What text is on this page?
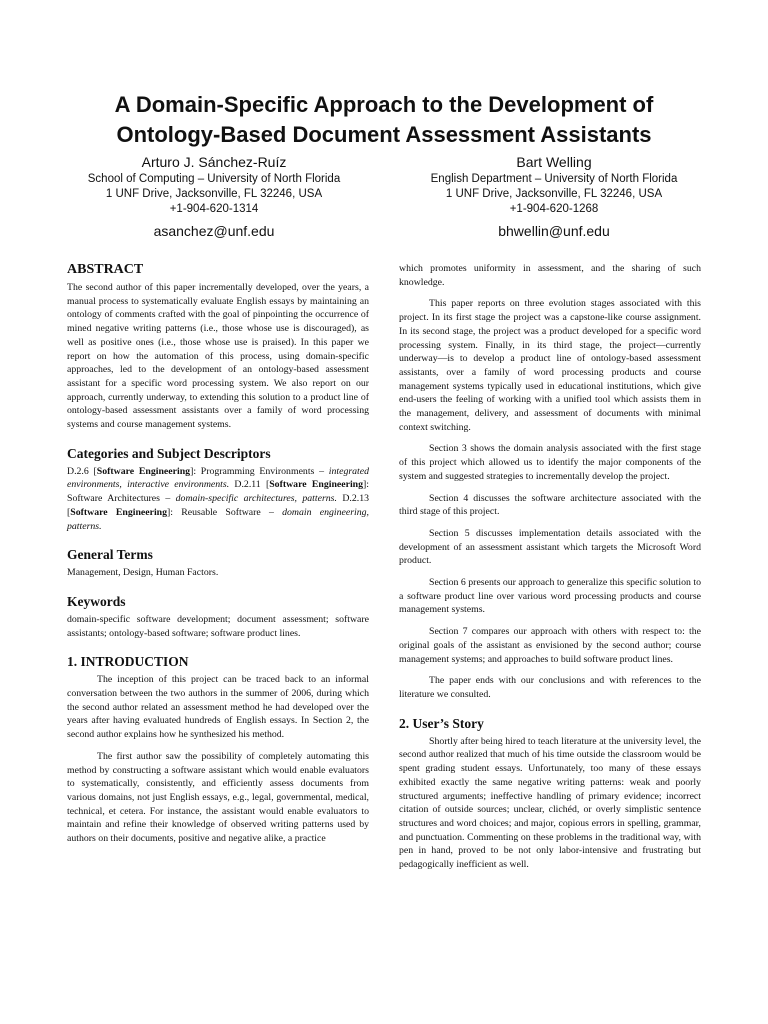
A Domain-Specific Approach to the Development of
Ontology-Based Document Assessment Assistants
Arturo J. Sánchez-Ruíz
School of Computing – University of North Florida
1 UNF Drive, Jacksonville, FL 32246, USA
+1-904-620-1314
asanchez@unf.edu
Bart Welling
English Department – University of North Florida
1 UNF Drive, Jacksonville, FL 32246, USA
+1-904-620-1268
bhwellin@unf.edu
ABSTRACT

The second author of this paper incrementally developed, over the years, a manual process to systematically evaluate English essays by maintaining an ontology of comments crafted with the goal of pinpointing the occurrence of mined negative writing patterns (i.e., those whose use is discouraged), as well as positive ones (i.e., those whose use is praised). In this paper we report on how the automation of this process, using domain-specific approaches, led to the development of an ontology-based assessment assistant for a specific word processing system. We also report on our approach, currently underway, to extending this solution to a product line of ontology-based assessment assistants over a family of word processing systems and course management systems.

Categories and Subject Descriptors

D.2.6 [Software Engineering]: Programming Environments – integrated environments, interactive environments. D.2.11 [Software Engineering]: Software Architectures – domain-specific architectures, patterns. D.2.13 [Software Engineering]: Reusable Software – domain engineering, patterns.

General Terms

Management, Design, Human Factors.

Keywords

domain-specific software development; document assessment; software assistants; ontology-based software; software product lines.

1. INTRODUCTION

The inception of this project can be traced back to an informal conversation between the two authors in the summer of 2006, during which the second author related an assessment method he had developed over the years after having evaluated hundreds of English essays. In Section 2, the second author explains how he synthesized his method.

The first author saw the possibility of completely automating this method by constructing a software assistant which would enable evaluators to systematically, consistently, and efficiently assess documents from various domains, not just English essays, e.g., legal, governmental, medical, technical, et cetera. For instance, the assistant would enable evaluators to maintain and refine their knowledge of observed writing patterns used by authors on their documents, positive and negative alike, a practice

which promotes uniformity in assessment, and the sharing of such knowledge.

This paper reports on three evolution stages associated with this project. In its first stage the project was a capstone-like course assignment. In its second stage, the project was a product developed for a specific word processing system. Finally, in its third stage, the project—currently underway—is to develop a product line of ontology-based assessment assistants, over a family of word processing products and course management systems typically used in educational institutions, which give end-users the feeling of working with a unified tool which assists them in the management, delivery, and assessment of documents with minimal context switching.

Section 3 shows the domain analysis associated with the first stage of this project which allowed us to identify the major components of the system and suggested strategies to incrementally develop the project.

Section 4 discusses the software architecture associated with the third stage of this project.

Section 5 discusses implementation details associated with the development of an assessment assistant which targets the Microsoft Word product.

Section 6 presents our approach to generalize this specific solution to a software product line over various word processing products and course management systems.

Section 7 compares our approach with others with respect to: the original goals of the assistant as envisioned by the second author; course management systems; and approaches to build software product lines.

The paper ends with our conclusions and with references to the literature we consulted.

2. User’s Story

Shortly after being hired to teach literature at the university level, the second author realized that much of his time outside the classroom would be spent grading student essays. Unfortunately, too many of these essays exhibited exactly the same negative writing patterns: weak and poorly structured arguments; ineffective handling of primary evidence; incorrect citation of outside sources; unclear, clichéd, or overly simplistic sentence structures and word choices; and major, copious errors in spelling, grammar, and punctuation. Commenting on these problems in the traditional way, with pen in hand, proved to be not only labor-intensive and frustrating but pedagogically inefficient as well.
